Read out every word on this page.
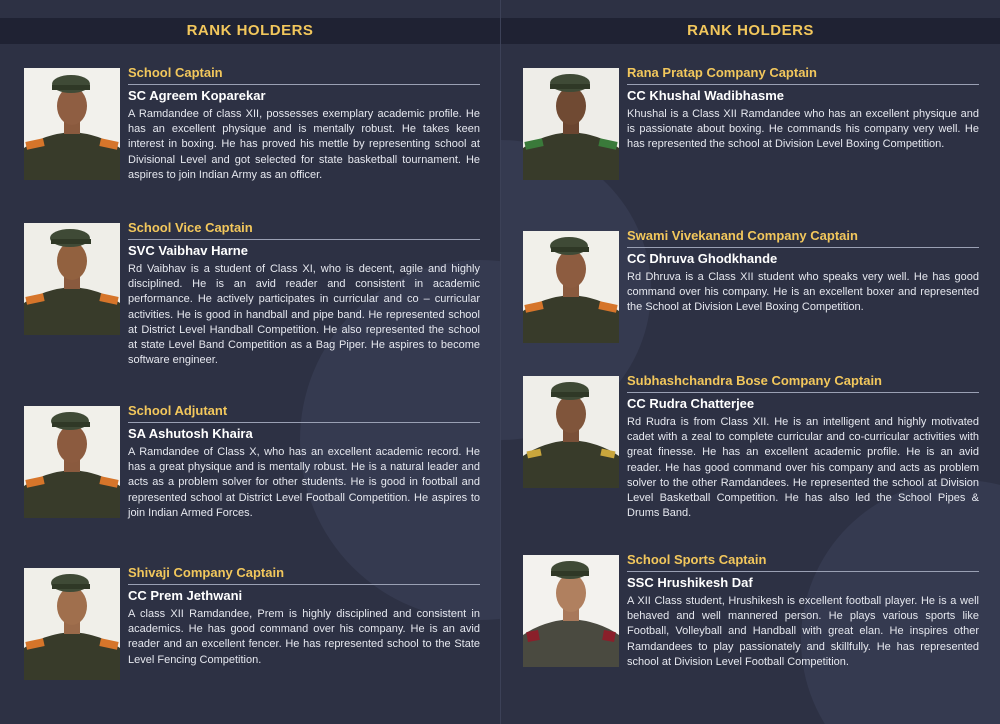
RANK HOLDERS
School Captain
SC Agreem Koparekar
A Ramdandee of class XII, possesses exemplary academic profile. He has an excellent physique and is mentally robust. He takes keen interest in boxing. He has proved his mettle by representing school at Divisional Level and got selected for state basketball tournament. He aspires to join Indian Army as an officer.
School Vice Captain
SVC Vaibhav Harne
Rd Vaibhav is a student of Class XI, who is decent, agile and highly disciplined. He is an avid reader and consistent in academic performance. He actively participates in curricular and co – curricular activities. He is good in handball and pipe band. He represented school at District Level Handball Competition. He also represented the school at state Level Band Competition as a Bag Piper. He aspires to become software engineer.
School Adjutant
SA Ashutosh Khaira
A Ramdandee of Class X, who has an excellent academic record. He has a great physique and is mentally robust. He is a natural leader and acts as a problem solver for other students. He is good in football and represented school at District Level Football Competition. He aspires to join Indian Armed Forces.
Shivaji Company Captain
CC Prem Jethwani
A class XII Ramdandee, Prem is highly disciplined and consistent in academics. He has good command over his company. He is an avid reader and an excellent fencer. He has represented school to the State Level Fencing Competition.
RANK HOLDERS
Rana Pratap Company Captain
CC Khushal Wadibhasme
Khushal is a Class XII Ramdandee who has an excellent physique and is passionate about boxing. He commands his company very well. He has represented the school at Division Level Boxing Competition.
Swami Vivekanand Company Captain
CC Dhruva Ghodkhande
Rd Dhruva is a Class XII student who speaks very well. He has good command over his company. He is an excellent boxer and represented the School at Division Level Boxing Competition.
Subhashchandra Bose Company Captain
CC Rudra Chatterjee
Rd Rudra is from Class XII. He is an intelligent and highly motivated cadet with a zeal to complete curricular and co-curricular activities with great finesse. He has an excellent academic profile. He is an avid reader. He has good command over his company and acts as problem solver to the other Ramdandees. He represented the school at Division Level Basketball Competition. He has also led the School Pipes & Drums Band.
School Sports Captain
SSC Hrushikesh Daf
A XII Class student, Hrushikesh is excellent football player. He is a well behaved and well mannered person. He plays various sports like Football, Volleyball and Handball with great elan. He inspires other Ramdandees to play passionately and skillfully. He has represented school at Division Level Football Competition.
